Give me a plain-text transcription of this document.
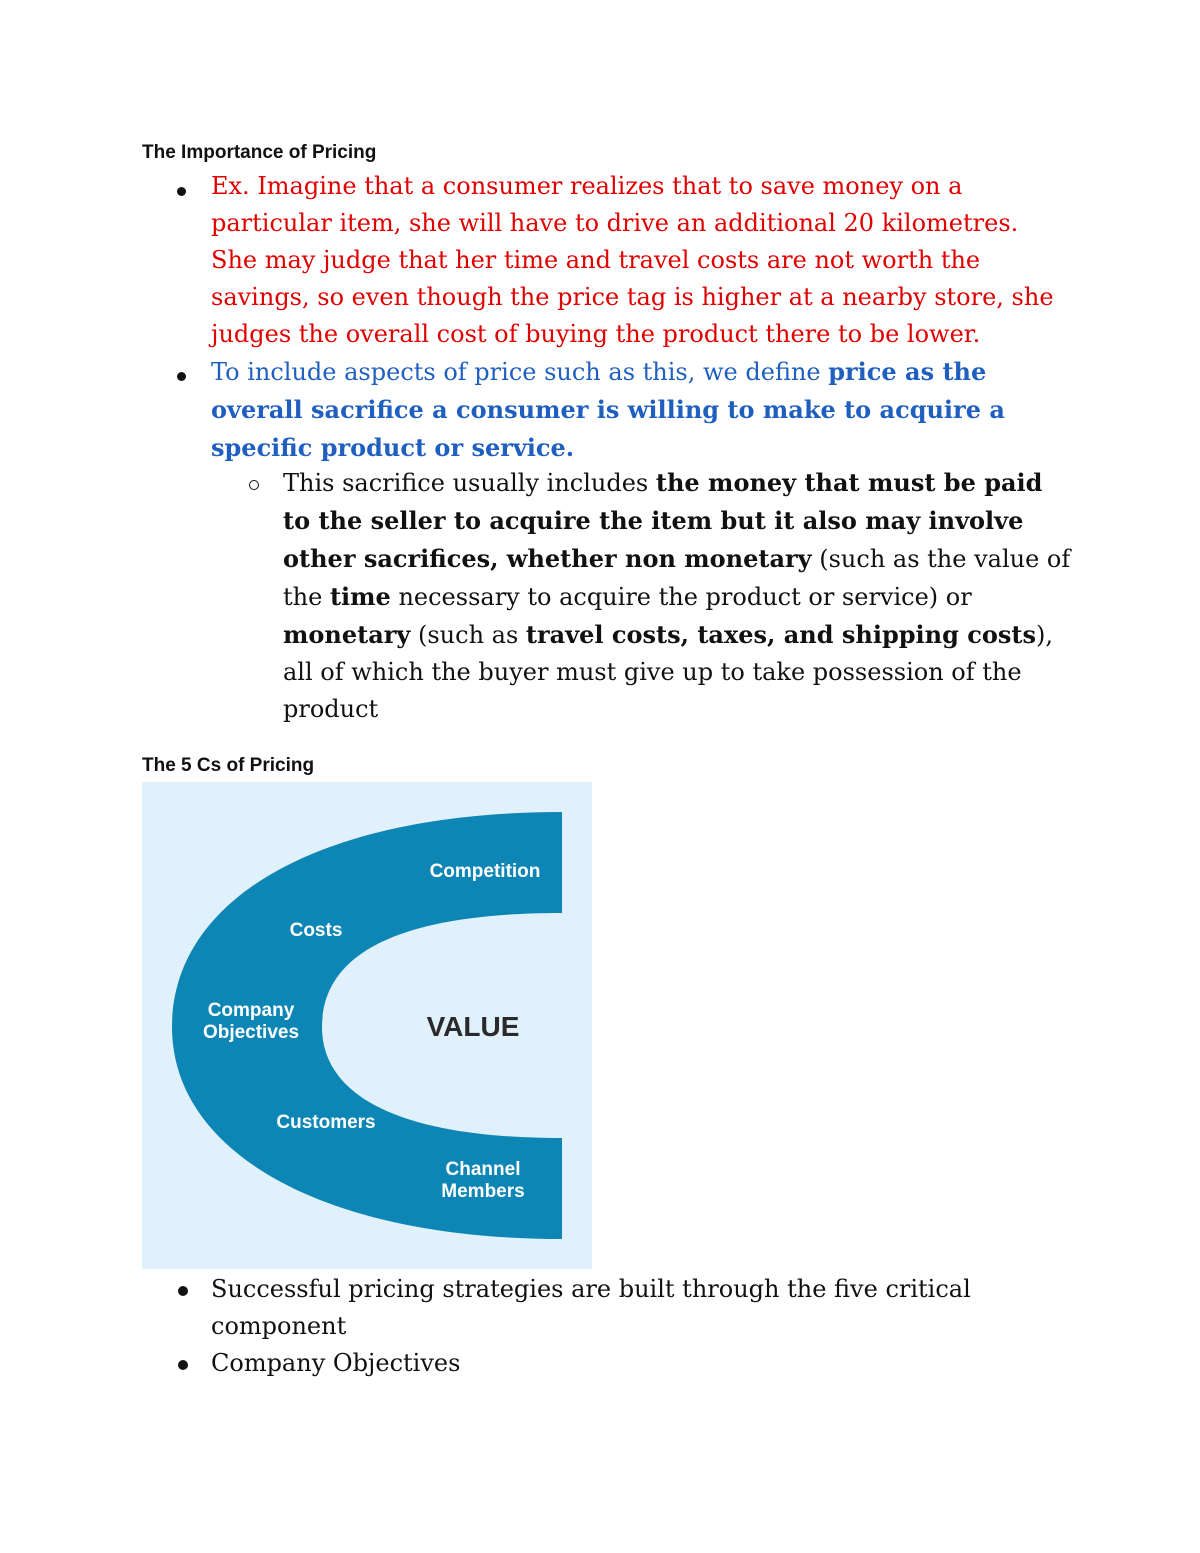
The Importance of Pricing

Ex. Imagine that a consumer realizes that to save money on a particular item, she will have to drive an additional 20 kilometres. She may judge that her time and travel costs are not worth the savings, so even though the price tag is higher at a nearby store, she judges the overall cost of buying the product there to be lower.

To include aspects of price such as this, we define price as the overall sacrifice a consumer is willing to make to acquire a specific product or service.

This sacrifice usually includes the money that must be paid to the seller to acquire the item but it also may involve other sacrifices, whether non monetary (such as the value of the time necessary to acquire the product or service) or monetary (such as travel costs, taxes, and shipping costs), all of which the buyer must give up to take possession of the product

The 5 Cs of Pricing
Competition
Costs
Company
Objectives
Customers
Channel
Members
VALUE

Successful pricing strategies are built through the five critical component

Company Objectives
